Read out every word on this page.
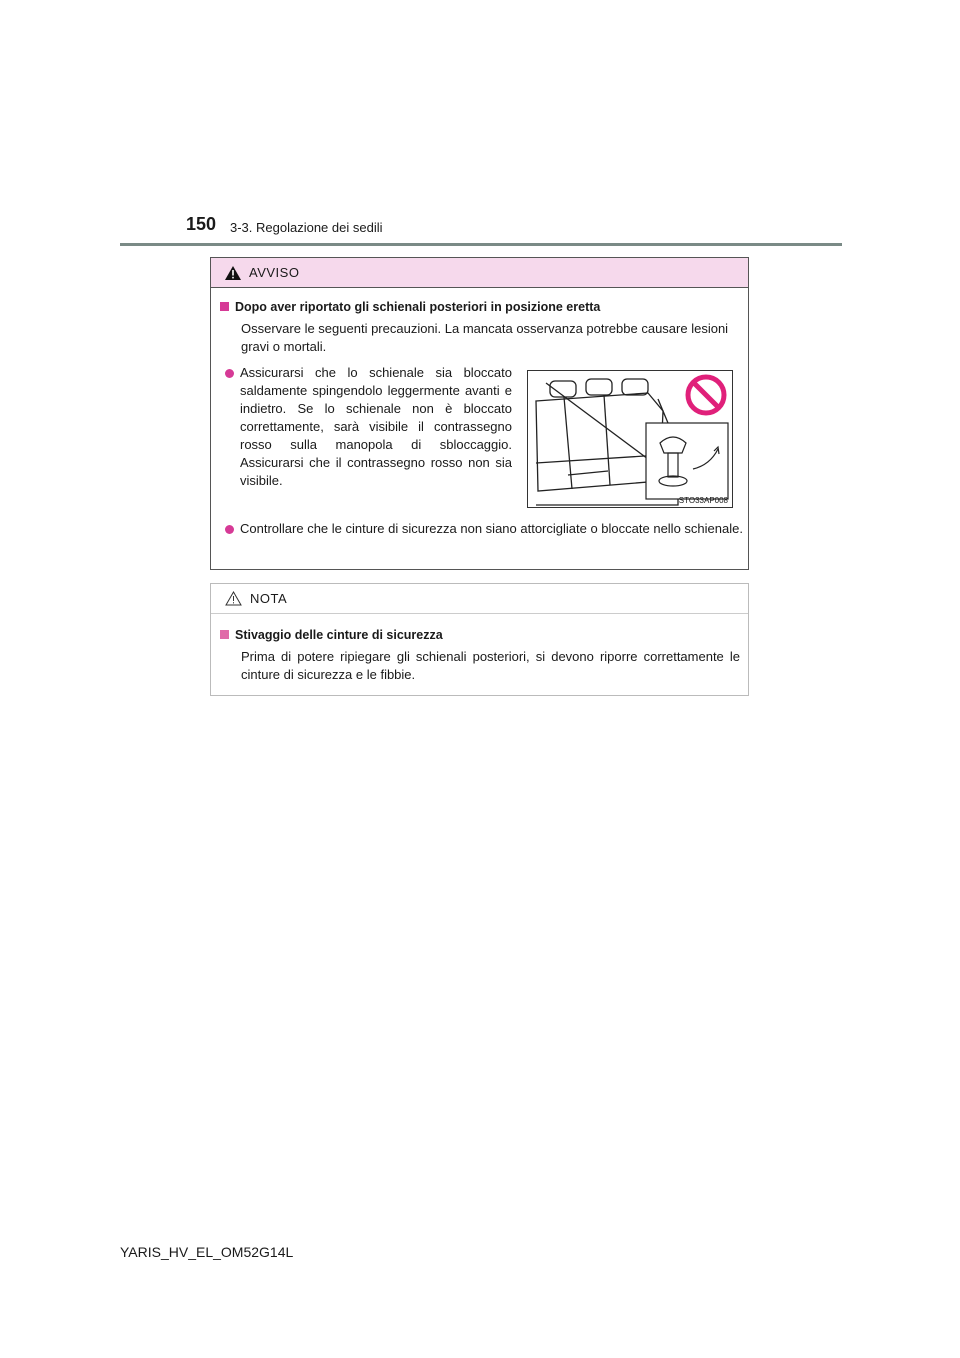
150 3-3. Regolazione dei sedili
AVVISO
Dopo aver riportato gli schienali posteriori in posizione eretta
Osservare le seguenti precauzioni. La mancata osservanza potrebbe causare lesioni gravi o mortali.
Assicurarsi che lo schienale sia bloccato saldamente spingendolo leggermente avanti e indietro. Se lo schienale non è bloccato correttamente, sarà visibile il contrassegno rosso sulla manopola di sbloccaggio. Assicurarsi che il contrassegno rosso non sia visibile.
STO33AP008
Controllare che le cinture di sicurezza non siano attorcigliate o bloccate nello schienale.
NOTA
Stivaggio delle cinture di sicurezza
Prima di potere ripiegare gli schienali posteriori, si devono riporre correttamente le cinture di sicurezza e le fibbie.
YARIS_HV_EL_OM52G14L
